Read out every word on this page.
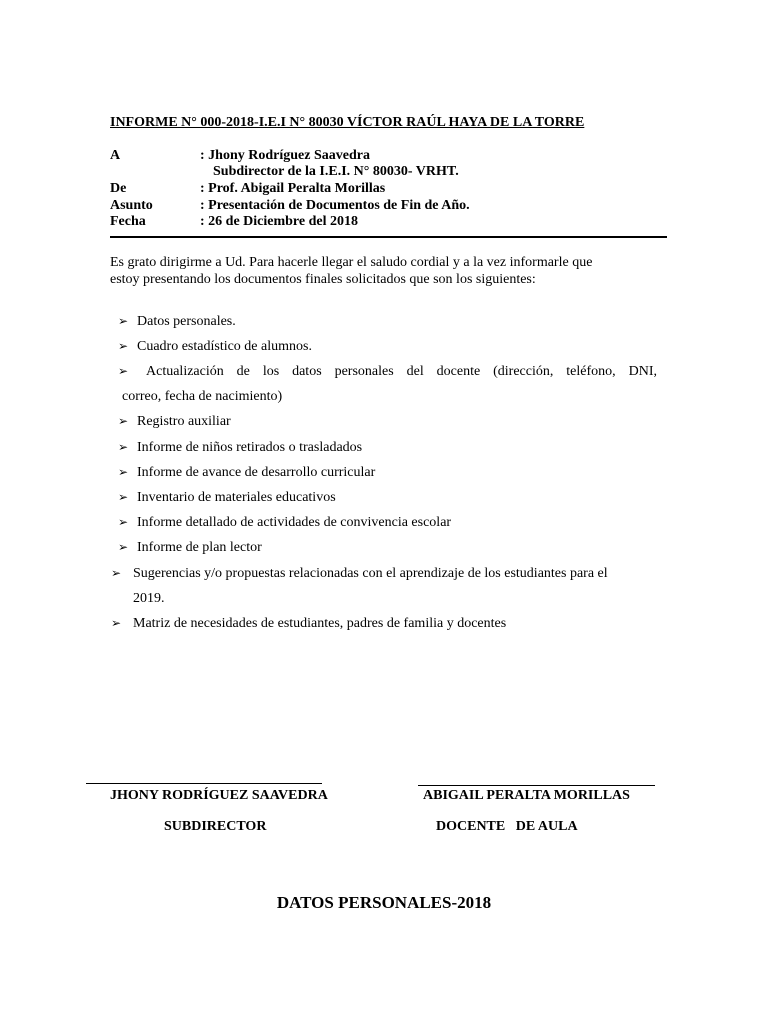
INFORME N° 000-2018-I.E.I N° 80030 VÍCTOR RAÚL HAYA DE LA TORRE
A	: Jhony Rodríguez Saavedra
Subdirector de la I.E.I. N° 80030- VRHT.
De	: Prof. Abigail Peralta Morillas
Asunto	: Presentación de Documentos de Fin de Año.
Fecha	: 26 de Diciembre del 2018
Es grato dirigirme a Ud. Para hacerle llegar el saludo cordial y a la vez informarle que
estoy presentando los documentos finales solicitados que son los siguientes:
➢ Datos personales.
➢ Cuadro estadístico de alumnos.
➢ Actualización de los datos personales del docente (dirección, teléfono, DNI,
correo, fecha de nacimiento)
➢ Registro auxiliar
➢ Informe de niños retirados o trasladados
➢ Informe de avance de desarrollo curricular
➢ Inventario de materiales educativos
➢ Informe detallado de actividades de convivencia escolar
➢ Informe de plan lector
➢ Sugerencias y/o propuestas relacionadas con el aprendizaje de los estudiantes para el
2019.
➢ Matriz de necesidades de estudiantes, padres de familia y docentes
JHONY RODRÍGUEZ SAAVEDRA	ABIGAIL PERALTA MORILLAS
SUBDIRECTOR	DOCENTE   DE AULA
DATOS PERSONALES-2018
